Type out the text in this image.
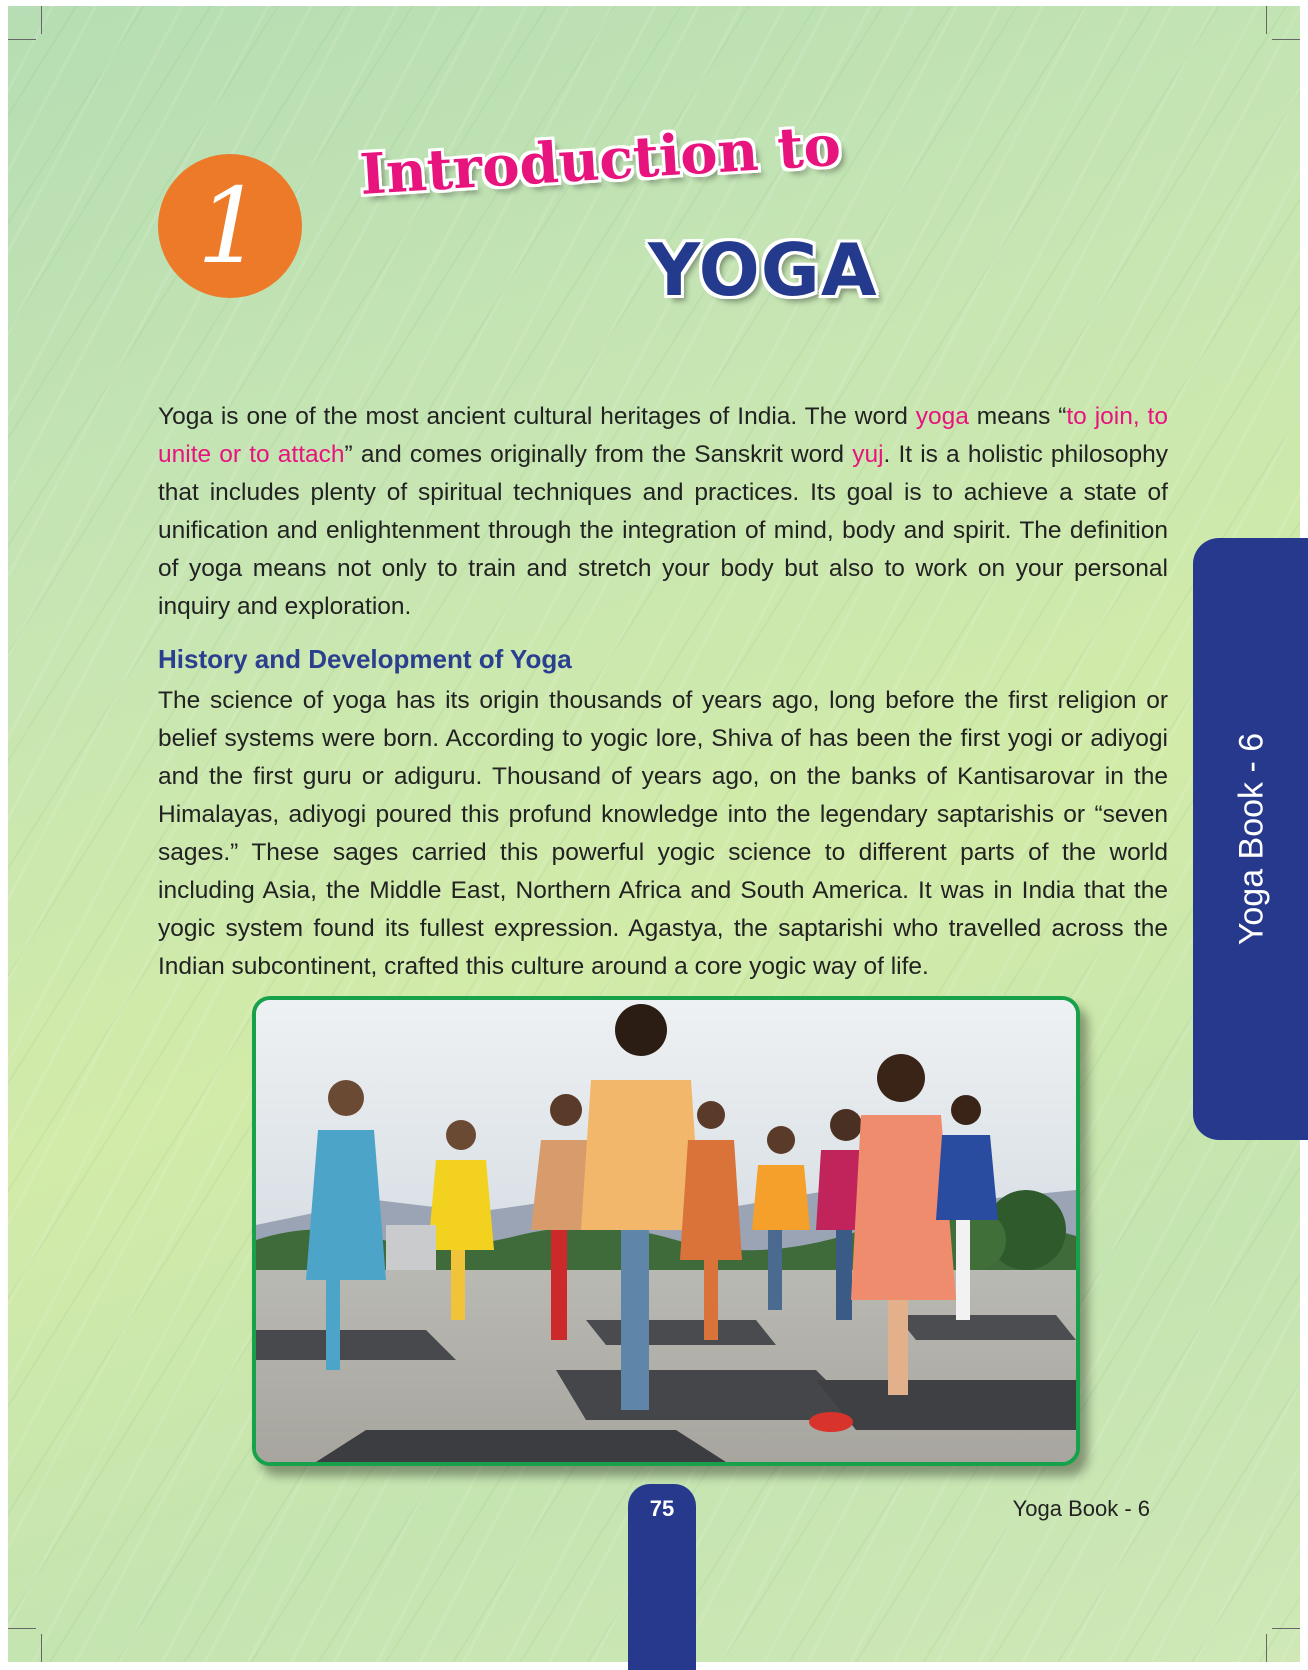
1
Introduction to
YOGA

Yoga is one of the most ancient cultural heritages of India. The word yoga means “to join, to unite or to attach” and comes originally from the Sanskrit word yuj. It is a holistic philosophy that includes plenty of spiritual techniques and practices. Its goal is to achieve a state of unification and enlightenment through the integration of mind, body and spirit. The definition of yoga means not only to train and stretch your body but also to work on your personal inquiry and exploration.

History and Development of Yoga

The science of yoga has its origin thousands of years ago, long before the first religion or belief systems were born. According to yogic lore, Shiva of has been the first yogi or adiyogi and the first guru or adiguru. Thousand of years ago, on the banks of Kantisarovar in the Himalayas, adiyogi poured this profund knowledge into the legendary saptarishis or “seven sages.” These sages carried this powerful yogic science to different parts of the world including Asia, the Middle East, Northern Africa and South America. It was in India that the yogic system found its fullest expression. Agastya, the saptarishi who travelled across the Indian subcontinent, crafted this culture around a core yogic way of life.

Yoga Book - 6
75	Yoga Book - 6
